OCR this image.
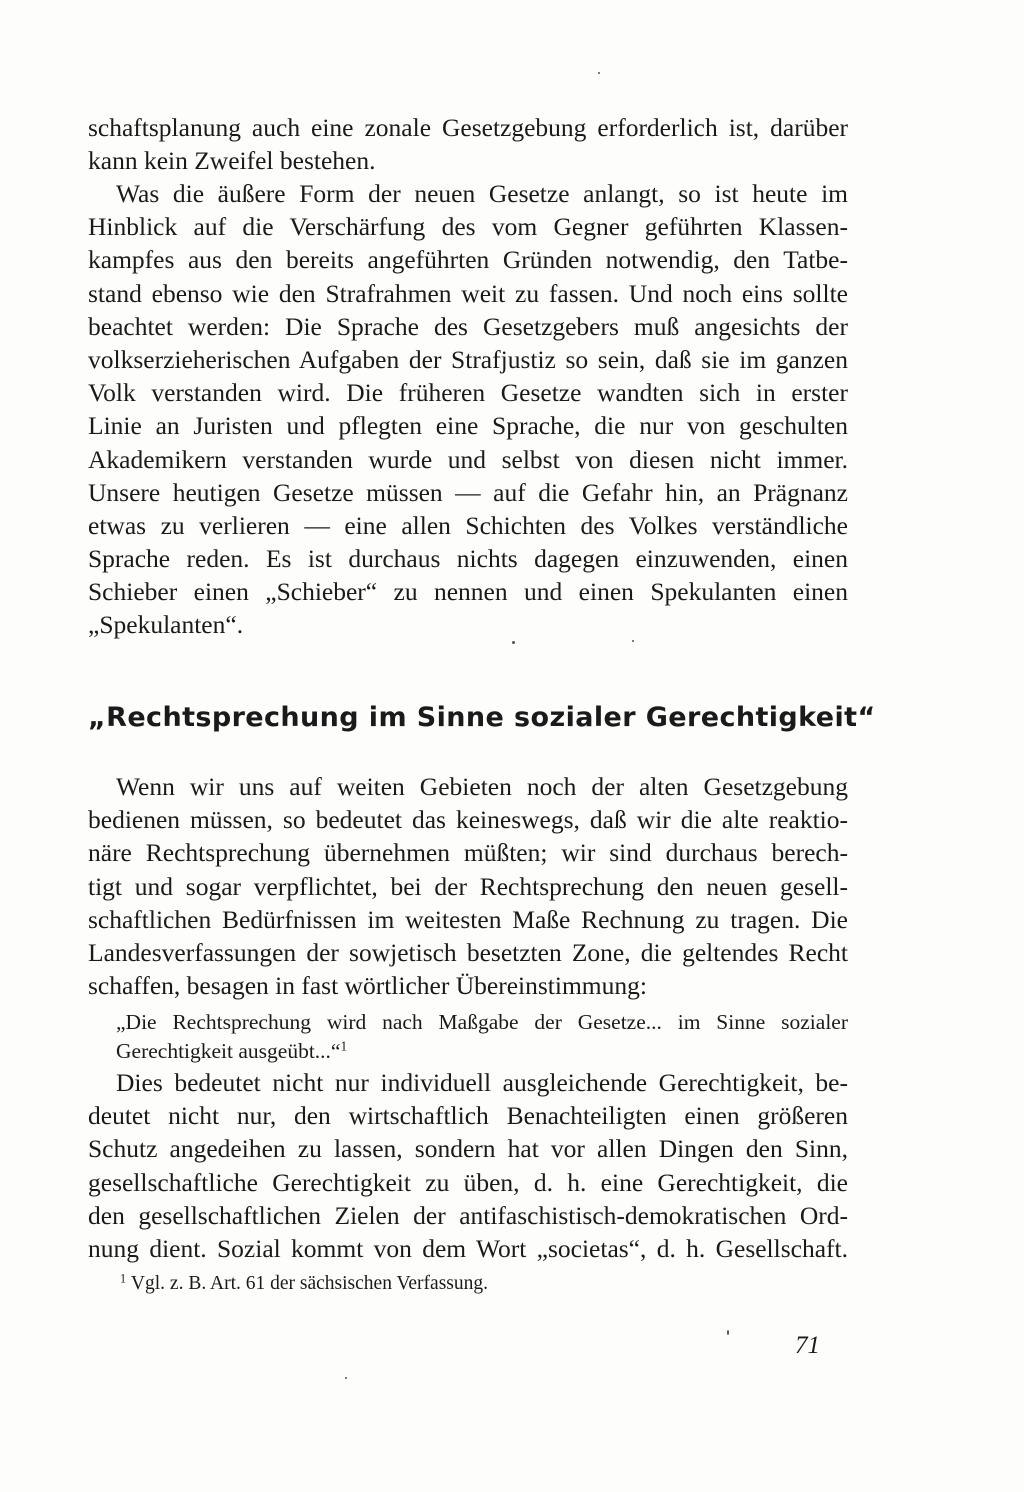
schaftsplanung auch eine zonale Gesetzgebung erforderlich ist, darüber
kann kein Zweifel bestehen.
Was die äußere Form der neuen Gesetze anlangt, so ist heute im
Hinblick auf die Verschärfung des vom Gegner geführten Klassen-
kampfes aus den bereits angeführten Gründen notwendig, den Tatbe-
stand ebenso wie den Strafrahmen weit zu fassen. Und noch eins sollte
beachtet werden: Die Sprache des Gesetzgebers muß angesichts der
volkserzieherischen Aufgaben der Strafjustiz so sein, daß sie im ganzen
Volk verstanden wird. Die früheren Gesetze wandten sich in erster
Linie an Juristen und pflegten eine Sprache, die nur von geschulten
Akademikern verstanden wurde und selbst von diesen nicht immer.
Unsere heutigen Gesetze müssen — auf die Gefahr hin, an Prägnanz
etwas zu verlieren — eine allen Schichten des Volkes verständliche
Sprache reden. Es ist durchaus nichts dagegen einzuwenden, einen
Schieber einen „Schieber“ zu nennen und einen Spekulanten einen
„Spekulanten“.
„Rechtsprechung im Sinne sozialer Gerechtigkeit“
Wenn wir uns auf weiten Gebieten noch der alten Gesetzgebung
bedienen müssen, so bedeutet das keineswegs, daß wir die alte reaktio-
näre Rechtsprechung übernehmen müßten; wir sind durchaus berech-
tigt und sogar verpflichtet, bei der Rechtsprechung den neuen gesell-
schaftlichen Bedürfnissen im weitesten Maße Rechnung zu tragen. Die
Landesverfassungen der sowjetisch besetzten Zone, die geltendes Recht
schaffen, besagen in fast wörtlicher Übereinstimmung:
„Die Rechtsprechung wird nach Maßgabe der Gesetze... im Sinne sozialer
Gerechtigkeit ausgeübt...“$^1$
Dies bedeutet nicht nur individuell ausgleichende Gerechtigkeit, be-
deutet nicht nur, den wirtschaftlich Benachteiligten einen größeren
Schutz angedeihen zu lassen, sondern hat vor allen Dingen den Sinn,
gesellschaftliche Gerechtigkeit zu üben, d. h. eine Gerechtigkeit, die
den gesellschaftlichen Zielen der antifaschistisch-demokratischen Ord-
nung dient. Sozial kommt von dem Wort „societas“, d. h. Gesellschaft.
$^1$ Vgl. z. B. Art. 61 der sächsischen Verfassung.
71
